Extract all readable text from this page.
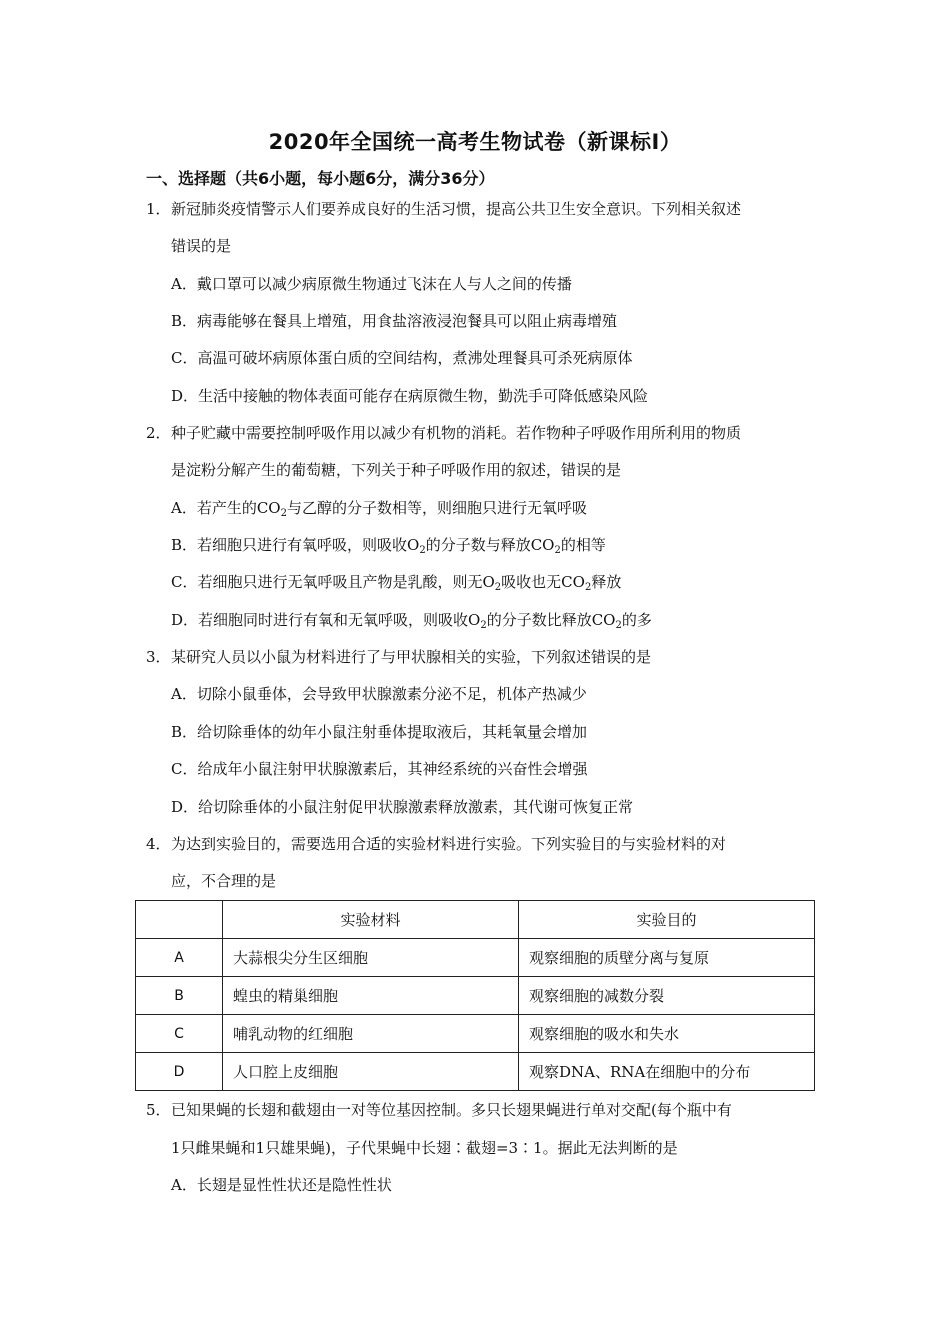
2020年全国统一高考生物试卷（新课标Ⅰ）
一、选择题（共6小题，每小题6分，满分36分）
1． 新冠肺炎疫情警示人们要养成良好的生活习惯，提高公共卫生安全意识。下列相关叙述
错误的是
A．戴口罩可以减少病原微生物通过飞沫在人与人之间的传播
B．病毒能够在餐具上增殖，用食盐溶液浸泡餐具可以阻止病毒增殖
C．高温可破坏病原体蛋白质的空间结构，煮沸处理餐具可杀死病原体
D．生活中接触的物体表面可能存在病原微生物，勤洗手可降低感染风险
2． 种子贮藏中需要控制呼吸作用以减少有机物的消耗。若作物种子呼吸作用所利用的物质
是淀粉分解产生的葡萄糖，下列关于种子呼吸作用的叙述，错误的是
A．若产生的$CO_2$与乙醇的分子数相等，则细胞只进行无氧呼吸
B．若细胞只进行有氧呼吸，则吸收$O_2$的分子数与释放$CO_2$的相等
C．若细胞只进行无氧呼吸且产物是乳酸，则无$O_2$吸收也无$CO_2$释放
D．若细胞同时进行有氧和无氧呼吸，则吸收$O_2$的分子数比释放$CO_2$的多
3． 某研究人员以小鼠为材料进行了与甲状腺相关的实验，下列叙述错误的是
A．切除小鼠垂体，会导致甲状腺激素分泌不足，机体产热减少
B．给切除垂体的幼年小鼠注射垂体提取液后，其耗氧量会增加
C．给成年小鼠注射甲状腺激素后，其神经系统的兴奋性会增强
D．给切除垂体的小鼠注射促甲状腺激素释放激素，其代谢可恢复正常
4． 为达到实验目的，需要选用合适的实验材料进行实验。下列实验目的与实验材料的对
应，不合理的是
	实验材料	实验目的
A	大蒜根尖分生区细胞	观察细胞的质壁分离与复原
B	蝗虫的精巢细胞	观察细胞的减数分裂
C	哺乳动物的红细胞	观察细胞的吸水和失水
D	人口腔上皮细胞	观察DNA、RNA在细胞中的分布
5． 已知果蝇的长翅和截翅由一对等位基因控制。多只长翅果蝇进行单对交配(每个瓶中有
1只雌果蝇和1只雄果蝇)，子代果蝇中长翅∶截翅=3∶1。据此无法判断的是
A．长翅是显性性状还是隐性性状
